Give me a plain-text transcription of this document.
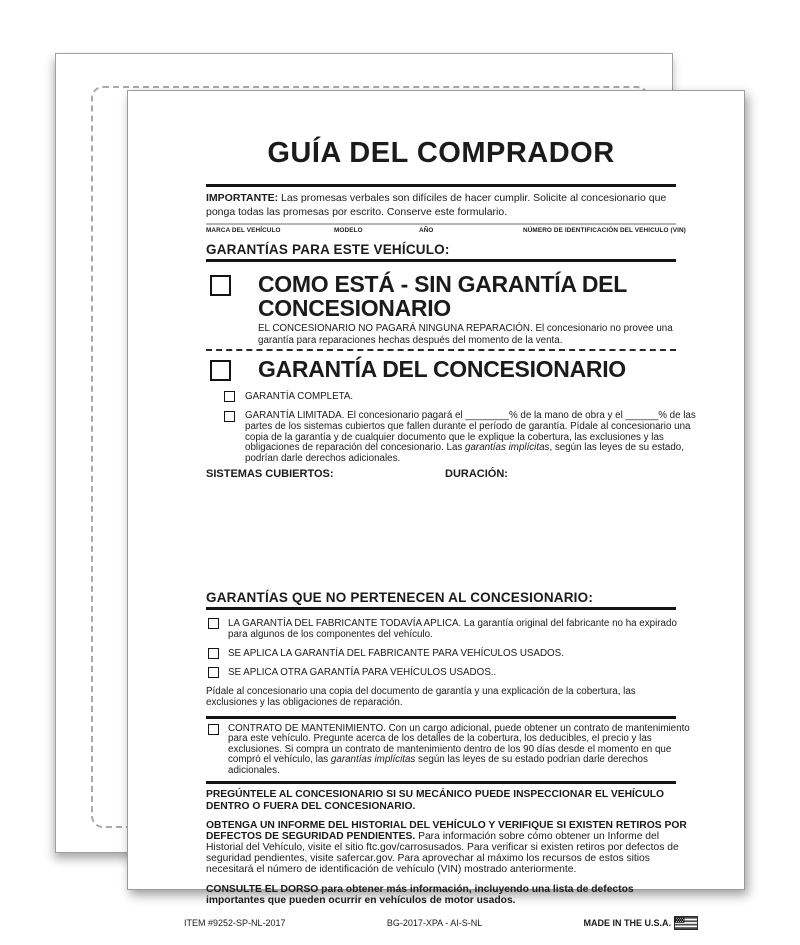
GUÍA DEL COMPRADOR

IMPORTANTE: Las promesas verbales son difíciles de hacer cumplir. Solicite al concesionario que ponga todas las promesas por escrito. Conserve este formulario.

MARCA DEL VEHÍCULO	MODELO	AÑO	NÚMERO DE IDENTIFICACIÓN DEL VEHICULO (VIN)
GARANTÍAS PARA ESTE VEHÍCULO:
COMO ESTÁ - SIN GARANTÍA DEL CONCESIONARIO

EL CONCESIONARIO NO PAGARÁ NINGUNA REPARACIÓN. El concesionario no provee una garantía para reparaciones hechas después del momento de la venta.

GARANTÍA DEL CONCESIONARIO
GARANTÍA COMPLETA.
GARANTÍA LIMITADA. El concesionario pagará el ________% de la mano de obra y el ______% de las partes de los sistemas cubiertos que fallen durante el período de garantía. Pídale al concesionario una copia de la garantía y de cualquier documento que le explique la cobertura, las exclusiones y las obligaciones de reparación del concesionario. Las garantías implícitas, según las leyes de su estado, podrían darle derechos adicionales.
SISTEMAS CUBIERTOS:	DURACIÓN:
GARANTÍAS QUE NO PERTENECEN AL CONCESIONARIO:
LA GARANTÍA DEL FABRICANTE TODAVÍA APLICA. La garantía original del fabricante no ha expirado para algunos de los componentes del vehículo.
SE APLICA LA GARANTÍA DEL FABRICANTE PARA VEHÍCULOS USADOS.
SE APLICA OTRA GARANTÍA PARA VEHÍCULOS USADOS..

Pídale al concesionario una copia del documento de garantía y una explicación de la cobertura, las exclusiones y las obligaciones de reparación.

CONTRATO DE MANTENIMIENTO. Con un cargo adicional, puede obtener un contrato de mantenimiento para este vehículo. Pregunte acerca de los detalles de la cobertura, los deducibles, el precio y las exclusiones. Si compra un contrato de mantenimiento dentro de los 90 días desde el momento en que compró el vehículo, las garantías implícitas según las leyes de su estado podrían darle derechos adicionales.

PREGÚNTELE AL CONCESIONARIO SI SU MECÁNICO PUEDE INSPECCIONAR EL VEHÍCULO DENTRO O FUERA DEL CONCESIONARIO.

OBTENGA UN INFORME DEL HISTORIAL DEL VEHÍCULO Y VERIFIQUE SI EXISTEN RETIROS POR DEFECTOS DE SEGURIDAD PENDIENTES. Para información sobre cómo obtener un Informe del Historial del Vehículo, visite el sitio ftc.gov/carrosusados. Para verificar si existen retiros por defectos de seguridad pendientes, visite safercar.gov. Para aprovechar al máximo los recursos de estos sitios necesitará el número de identificación de vehículo (VIN) mostrado anteriormente.

CONSULTE EL DORSO para obtener más información, incluyendo una lista de defectos importantes que pueden ocurrir en vehículos de motor usados.

ITEM #9252-SP-NL-2017	BG-2017-XPA - AI-S-NL	MADE IN THE U.S.A.
